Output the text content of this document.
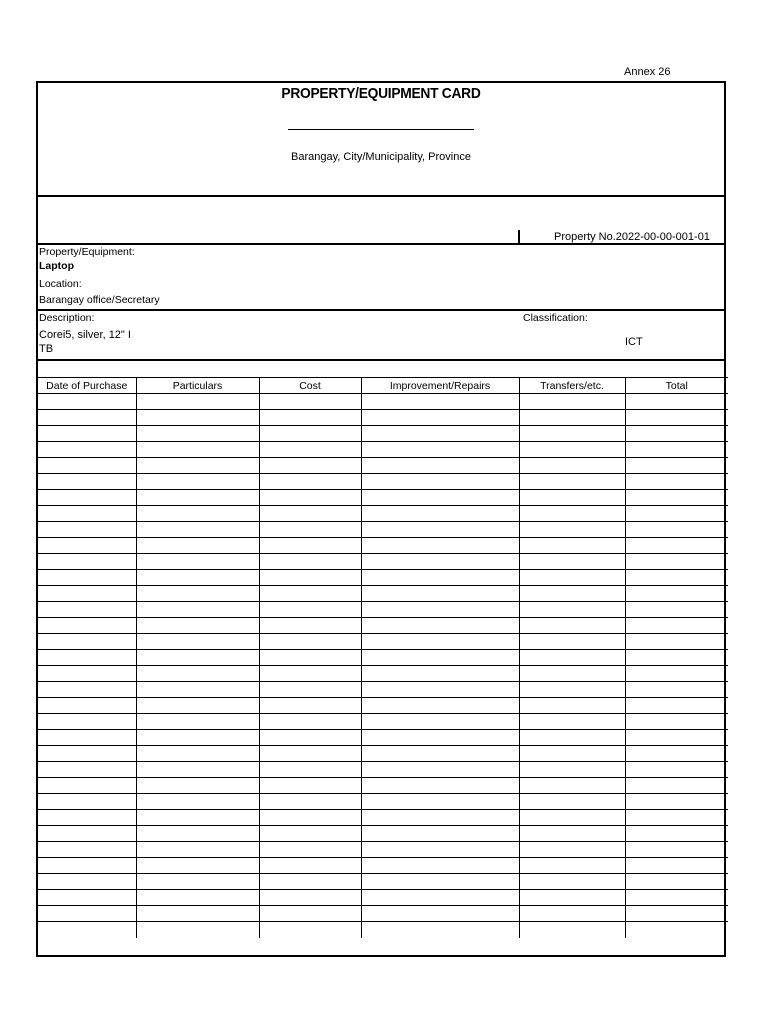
Annex 26
PROPERTY/EQUIPMENT CARD
Barangay, City/Municipality, Province
Property No.2022-00-00-001-01
Property/Equipment:
Laptop
Location:
Barangay office/Secretary
Description:
Corei5, silver, 12" I
TB
Classification:
ICT
Date of Purchase	Particulars	Cost	Improvement/Repairs	Transfers/etc.	Total
